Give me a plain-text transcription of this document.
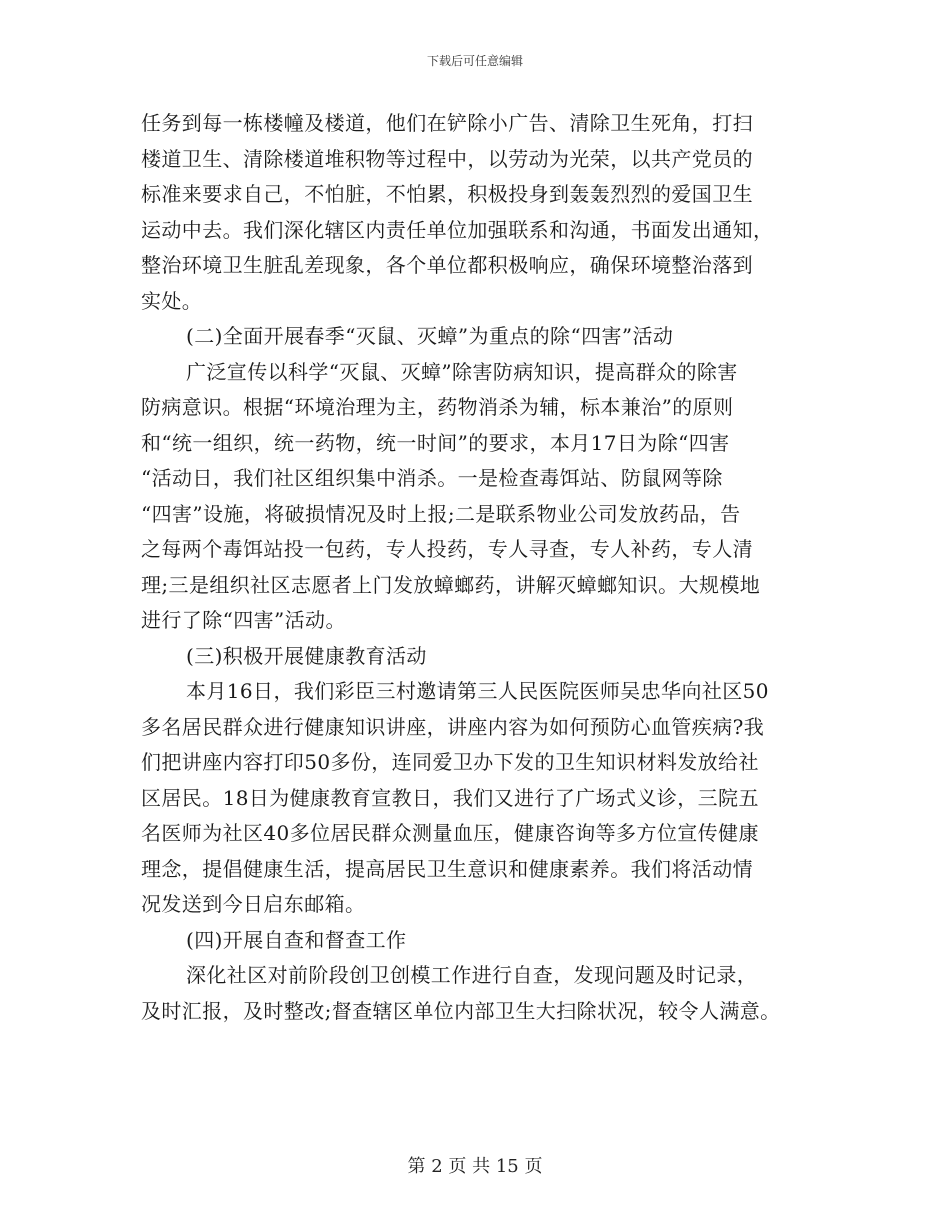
下载后可任意编辑
任务到每一栋楼幢及楼道，他们在铲除小广告、清除卫生死角，打扫
楼道卫生、清除楼道堆积物等过程中，以劳动为光荣，以共产党员的
标准来要求自己，不怕脏，不怕累，积极投身到轰轰烈烈的爱国卫生
运动中去。我们深化辖区内责任单位加强联系和沟通，书面发出通知，
整治环境卫生脏乱差现象，各个单位都积极响应，确保环境整治落到
实处。
(二)全面开展春季“灭鼠、灭蟑”为重点的除“四害”活动
广泛宣传以科学“灭鼠、灭蟑”除害防病知识，提高群众的除害
防病意识。根据“环境治理为主，药物消杀为辅，标本兼治”的原则
和“统一组织，统一药物，统一时间”的要求，本月17日为除“四害
“活动日，我们社区组织集中消杀。一是检查毒饵站、防鼠网等除
“四害”设施，将破损情况及时上报;二是联系物业公司发放药品，告
之每两个毒饵站投一包药，专人投药，专人寻查，专人补药，专人清
理;三是组织社区志愿者上门发放蟑螂药，讲解灭蟑螂知识。大规模地
进行了除“四害”活动。
(三)积极开展健康教育活动
本月16日，我们彩臣三村邀请第三人民医院医师吴忠华向社区50
多名居民群众进行健康知识讲座，讲座内容为如何预防心血管疾病?我
们把讲座内容打印50多份，连同爱卫办下发的卫生知识材料发放给社
区居民。18日为健康教育宣教日，我们又进行了广场式义诊，三院五
名医师为社区40多位居民群众测量血压，健康咨询等多方位宣传健康
理念，提倡健康生活，提高居民卫生意识和健康素养。我们将活动情
况发送到今日启东邮箱。
(四)开展自查和督查工作
深化社区对前阶段创卫创模工作进行自查，发现问题及时记录，
及时汇报，及时整改;督查辖区单位内部卫生大扫除状况，较令人满意。
第 2 页 共 15 页
